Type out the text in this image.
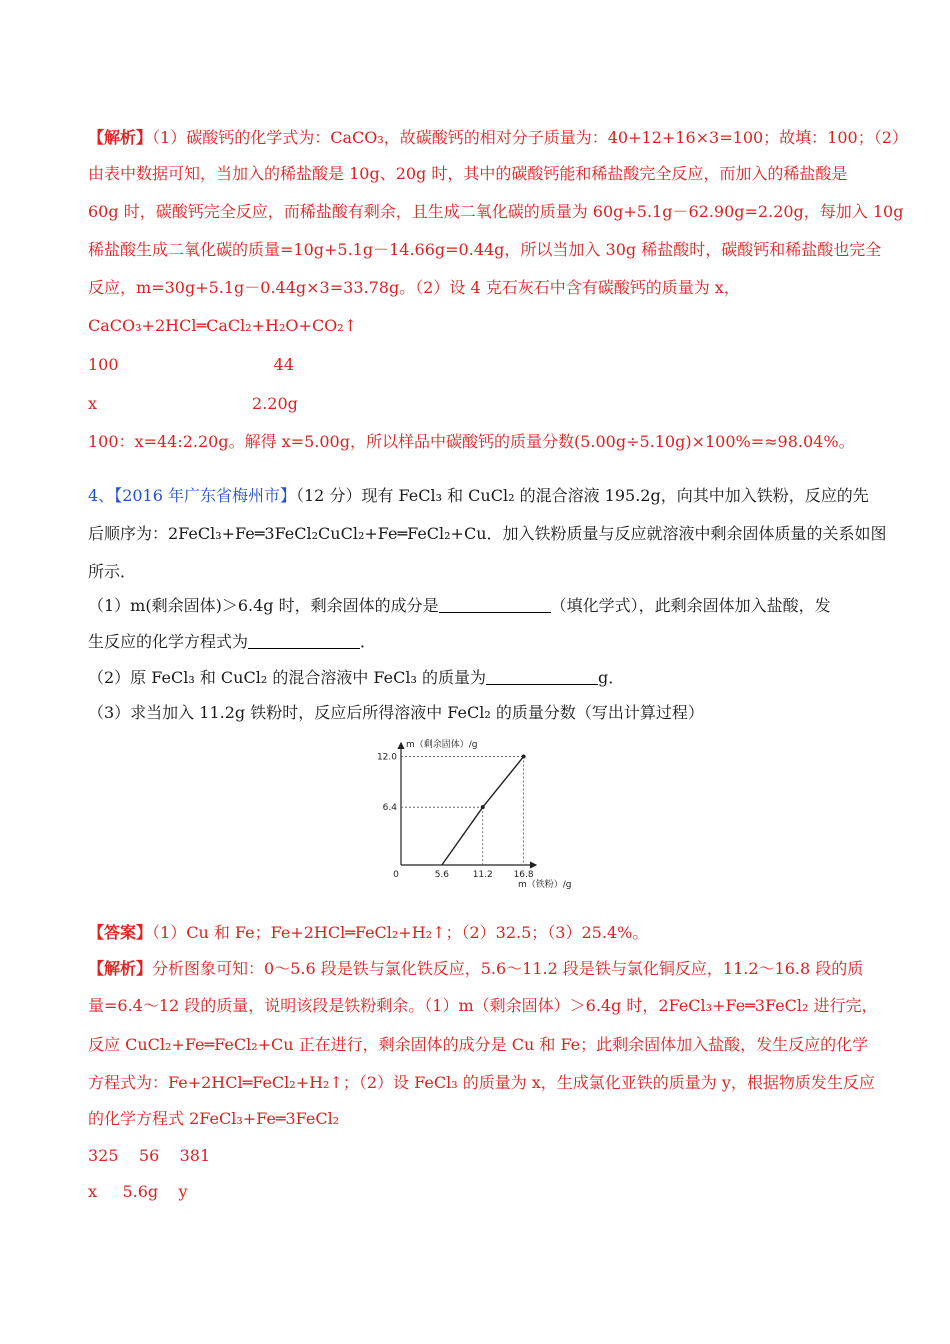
【解析】（1）碳酸钙的化学式为：CaCO₃，故碳酸钙的相对分子质量为：40+12+16×3=100；故填：100；（2）
由表中数据可知，当加入的稀盐酸是 10g、20g 时，其中的碳酸钙能和稀盐酸完全反应，而加入的稀盐酸是
60g 时，碳酸钙完全反应，而稀盐酸有剩余，且生成二氧化碳的质量为 60g+5.1g－62.90g=2.20g，每加入 10g
稀盐酸生成二氧化碳的质量=10g+5.1g－14.66g=0.44g，所以当加入 30g 稀盐酸时，碳酸钙和稀盐酸也完全
反应，m=30g+5.1g－0.44g×3=33.78g。（2）设 4 克石灰石中含有碳酸钙的质量为 x，
CaCO₃+2HCl═CaCl₂+H₂O+CO₂↑
100	44
x	2.20g
100：x=44:2.20g。解得 x=5.00g，所以样品中碳酸钙的质量分数(5.00g÷5.10g)×100%=≈98.04%。
4、【2016 年广东省梅州市】（12 分）现有 FeCl₃ 和 CuCl₂ 的混合溶液 195.2g，向其中加入铁粉，反应的先
后顺序为：2FeCl₃+Fe═3FeCl₂CuCl₂+Fe═FeCl₂+Cu．加入铁粉质量与反应就溶液中剩余固体质量的关系如图
所示．
（1）m(剩余固体)＞6.4g 时，剩余固体的成分是	（填化学式），此剩余固体加入盐酸，发
生反应的化学方程式为	．
（2）原 FeCl₃ 和 CuCl₂ 的混合溶液中 FeCl₃ 的质量为	g．
（3）求当加入 11.2g 铁粉时，反应后所得溶液中 FeCl₂ 的质量分数（写出计算过程）
0	5.6	11.2 16.8
6.4
12.0
m（剩余固体）/g
m（铁粉）/g
【答案】（1）Cu 和 Fe；Fe+2HCl═FeCl₂+H₂↑；（2）32.5；（3）25.4%。
【解析】分析图象可知：0～5.6 段是铁与氯化铁反应，5.6～11.2 段是铁与氯化铜反应，11.2～16.8 段的质
量=6.4～12 段的质量，说明该段是铁粉剩余。（1）m（剩余固体）＞6.4g 时，2FeCl₃+Fe═3FeCl₂ 进行完，
反应 CuCl₂+Fe═FeCl₂+Cu 正在进行，剩余固体的成分是 Cu 和 Fe；此剩余固体加入盐酸，发生反应的化学
方程式为：Fe+2HCl═FeCl₂+H₂↑；（2）设 FeCl₃ 的质量为 x，生成氯化亚铁的质量为 y，根据物质发生反应
的化学方程式 2FeCl₃+Fe═3FeCl₂
325    56    381
x     5.6g    y
